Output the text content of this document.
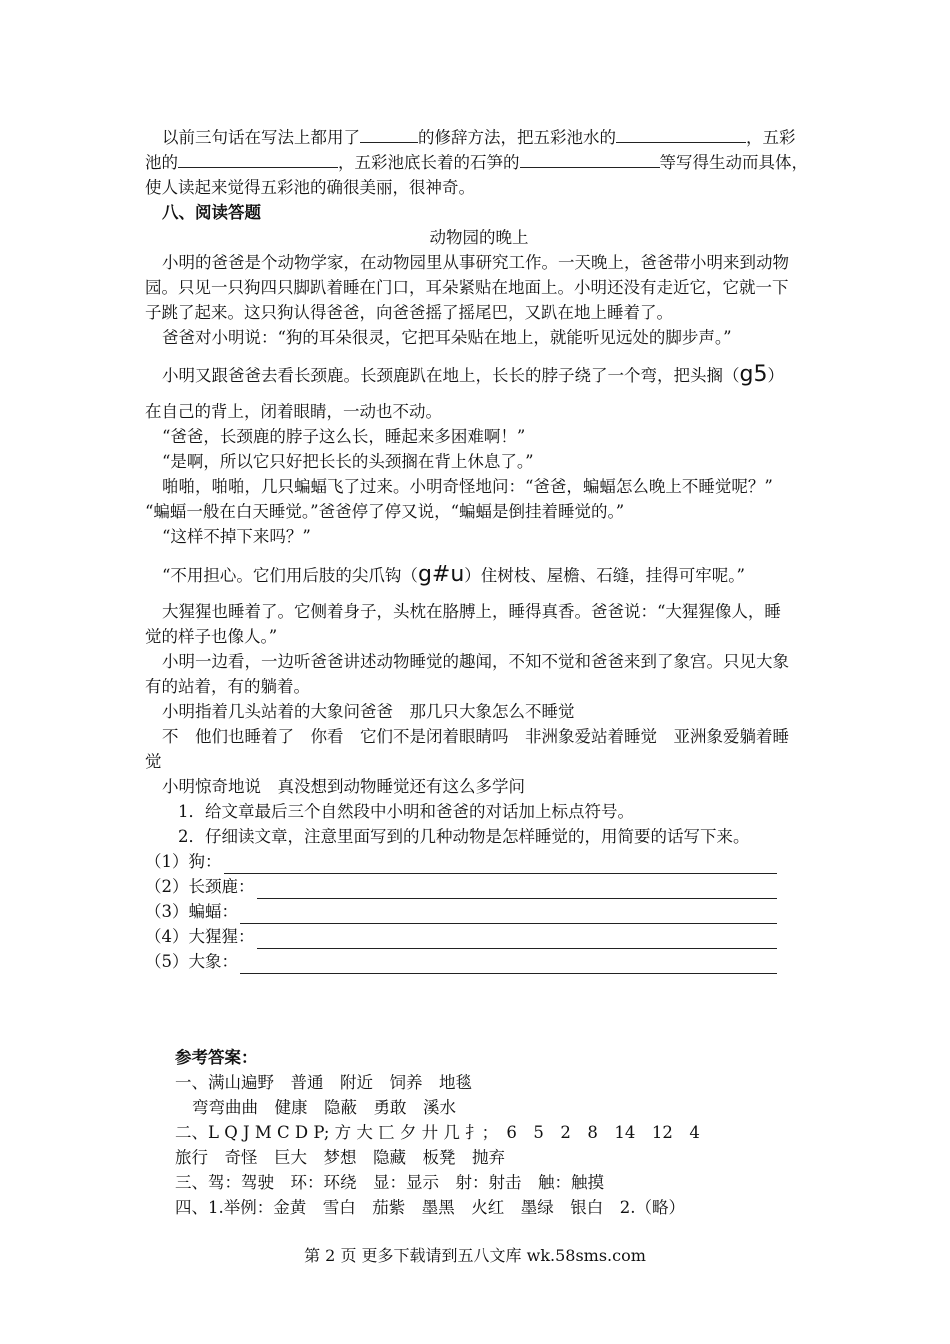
以前三句话在写法上都用了	的修辞方法，把五彩池水的	，五彩
池的	，五彩池底长着的石笋的	等写得生动而具体，
使人读起来觉得五彩池的确很美丽，很神奇。
八、阅读答题
动物园的晚上
小明的爸爸是个动物学家，在动物园里从事研究工作。一天晚上，爸爸带小明来到动物
园。只见一只狗四只脚趴着睡在门口，耳朵紧贴在地面上。小明还没有走近它，它就一下
子跳了起来。这只狗认得爸爸，向爸爸摇了摇尾巴，又趴在地上睡着了。
爸爸对小明说：“狗的耳朵很灵，它把耳朵贴在地上，就能听见远处的脚步声。”
小明又跟爸爸去看长颈鹿。长颈鹿趴在地上，长长的脖子绕了一个弯，把头搁（g5）
在自己的背上，闭着眼睛，一动也不动。
“爸爸，长颈鹿的脖子这么长，睡起来多困难啊！”
“是啊，所以它只好把长长的头颈搁在背上休息了。”
啪啪，啪啪，几只蝙蝠飞了过来。小明奇怪地问：“爸爸，蝙蝠怎么晚上不睡觉呢？”
“蝙蝠一般在白天睡觉。”爸爸停了停又说，“蝙蝠是倒挂着睡觉的。”
“这样不掉下来吗？”
“不用担心。它们用后肢的尖爪钩（g#u）住树枝、屋檐、石缝，挂得可牢呢。”
大猩猩也睡着了。它侧着身子，头枕在胳膊上，睡得真香。爸爸说：“大猩猩像人，睡
觉的样子也像人。”
小明一边看，一边听爸爸讲述动物睡觉的趣闻，不知不觉和爸爸来到了象宫。只见大象
有的站着，有的躺着。
小明指着几头站着的大象问爸爸　那几只大象怎么不睡觉
不　他们也睡着了　你看　它们不是闭着眼睛吗　非洲象爱站着睡觉　亚洲象爱躺着睡
觉
小明惊奇地说　真没想到动物睡觉还有这么多学问
1．给文章最后三个自然段中小明和爸爸的对话加上标点符号。
2．仔细读文章，注意里面写到的几种动物是怎样睡觉的，用简要的话写下来。
（1）狗：
（2）长颈鹿：
（3）蝙蝠：
（4）大猩猩：
（5）大象：
参考答案：
一、满山遍野　普通　附近　饲养　地毯
弯弯曲曲　健康　隐蔽　勇敢　溪水
二、L Q J M C D P; 方 大 匸 夕 廾 几 扌；　6　5　2　8　14　12　4
旅行　奇怪　巨大　梦想　隐藏　板凳　抛弃
三、驾：驾驶　环：环绕　显：显示　射：射击　触：触摸
四、1.举例：金黄　雪白　茄紫　墨黑　火红　墨绿　银白　2.（略）
第 2 页 更多下载请到五八文库 wk.58sms.com
